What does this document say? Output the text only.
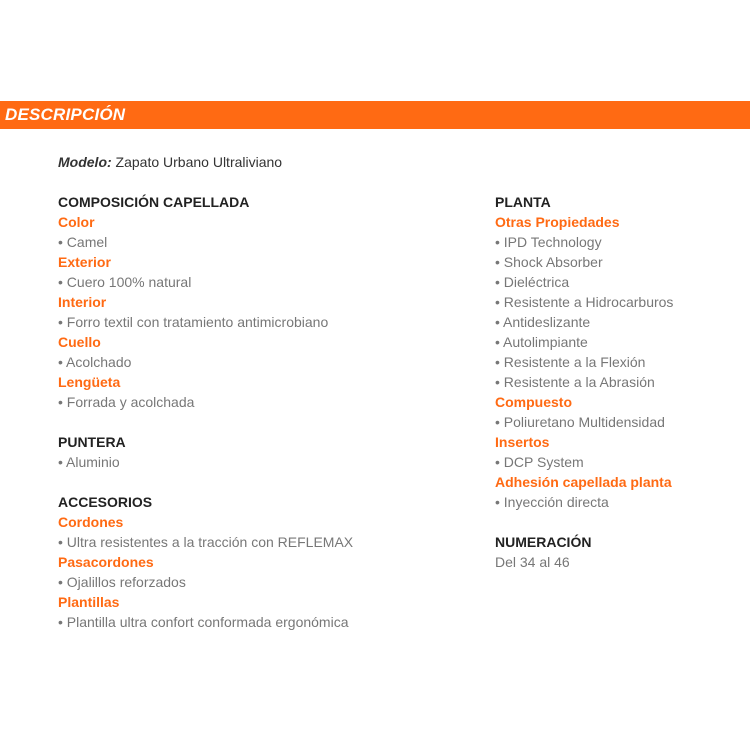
DESCRIPCIÓN
Modelo: Zapato Urbano Ultraliviano
COMPOSICIÓN CAPELLADA
Color
• Camel
Exterior
• Cuero 100% natural
Interior
• Forro textil con tratamiento antimicrobiano
Cuello
• Acolchado
Lengüeta
• Forrada y acolchada
PUNTERA
• Aluminio
ACCESORIOS
Cordones
• Ultra resistentes a la tracción con REFLEMAX
Pasacordones
• Ojalillos reforzados
Plantillas
• Plantilla ultra confort conformada ergonómica
PLANTA
Otras Propiedades
• IPD Technology
• Shock Absorber
• Dieléctrica
• Resistente a Hidrocarburos
• Antideslizante
• Autolimpiante
• Resistente a la Flexión
• Resistente a la Abrasión
Compuesto
• Poliuretano Multidensidad
Insertos
• DCP System
Adhesión capellada planta
• Inyección directa
NUMERACIÓN
Del 34 al 46
